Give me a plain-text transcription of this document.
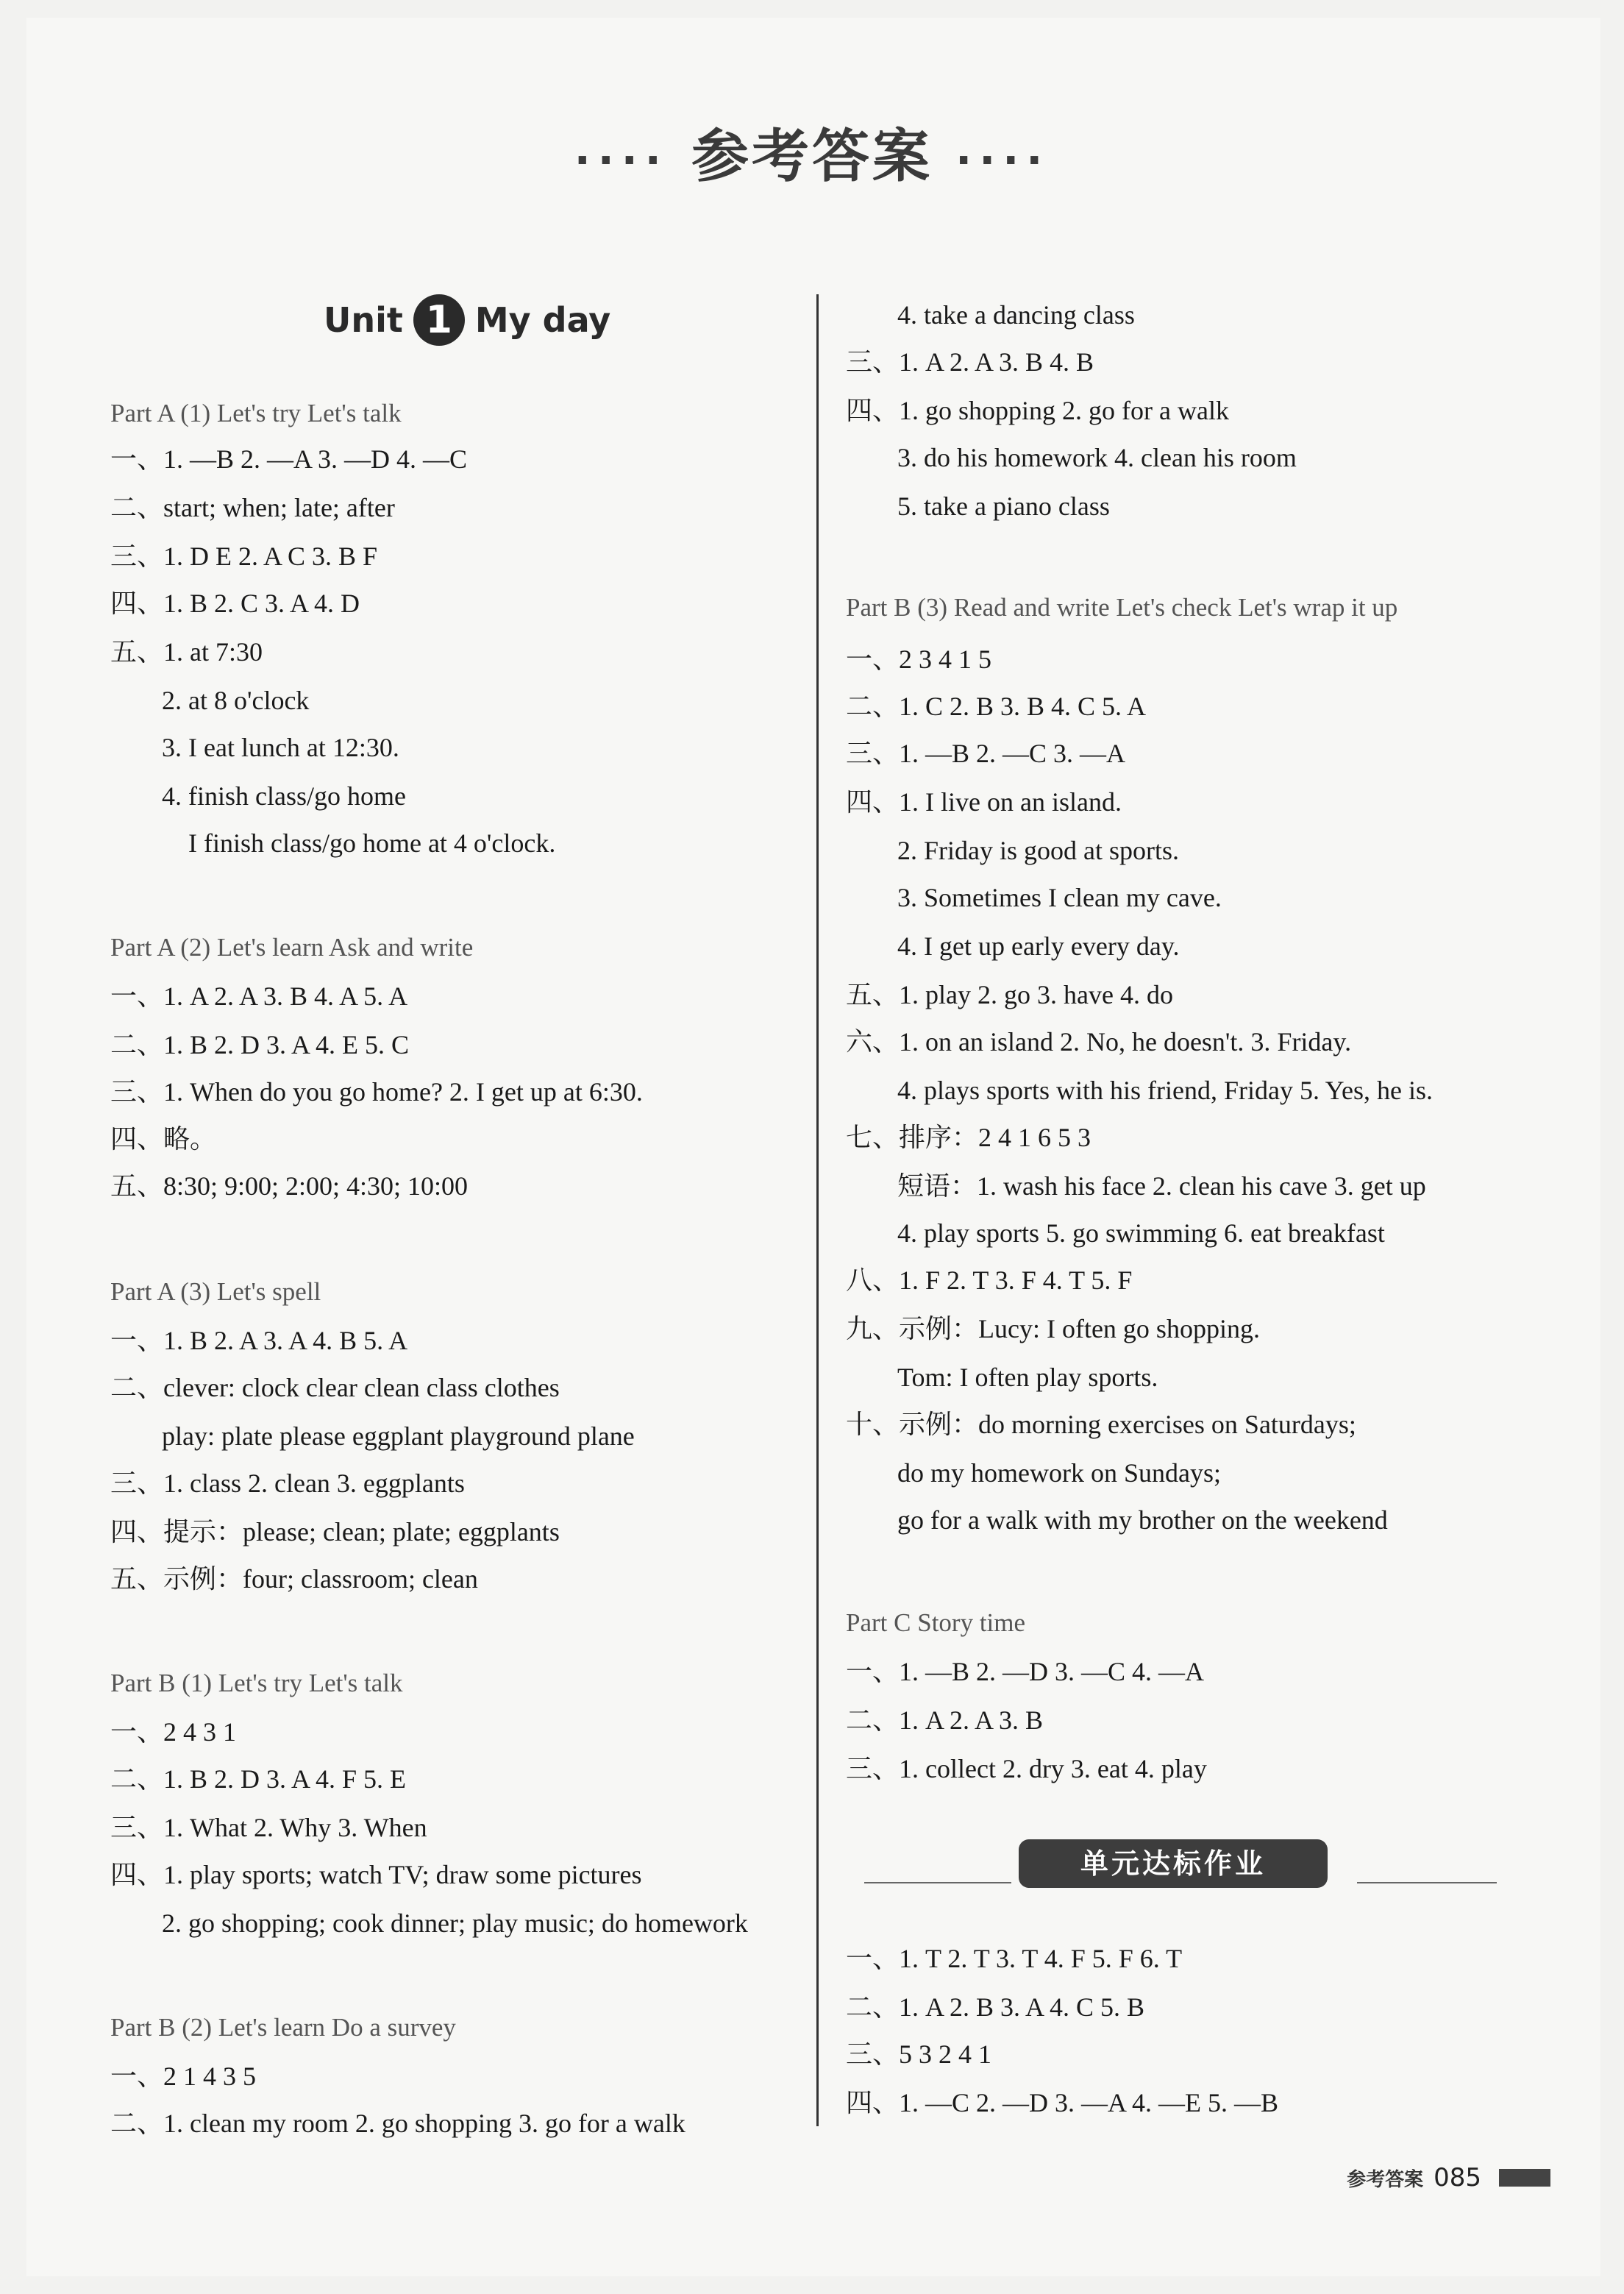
···· 参考答案 ····
Unit 1 My day
Part A (1) Let's try Let's talk
一、1. —B 2. —A 3. —D 4. —C
二、start; when; late; after
三、1. D E 2. A C 3. B F
四、1. B 2. C 3. A 4. D
五、1. at 7:30
2. at 8 o'clock
3. I eat lunch at 12:30.
4. finish class/go home
I finish class/go home at 4 o'clock.
Part A (2) Let's learn Ask and write
一、1. A 2. A 3. B 4. A 5. A
二、1. B 2. D 3. A 4. E 5. C
三、1. When do you go home? 2. I get up at 6:30.
四、略。
五、8:30; 9:00; 2:00; 4:30; 10:00
Part A (3) Let's spell
一、1. B 2. A 3. A 4. B 5. A
二、clever: clock clear clean class clothes
play: plate please eggplant playground plane
三、1. class 2. clean 3. eggplants
四、提示：please; clean; plate; eggplants
五、示例：four; classroom; clean
Part B (1) Let's try Let's talk
一、2 4 3 1
二、1. B 2. D 3. A 4. F 5. E
三、1. What 2. Why 3. When
四、1. play sports; watch TV; draw some pictures
2. go shopping; cook dinner; play music; do homework
Part B (2) Let's learn Do a survey
一、2 1 4 3 5
二、1. clean my room 2. go shopping 3. go for a walk
4. take a dancing class
三、1. A 2. A 3. B 4. B
四、1. go shopping 2. go for a walk
3. do his homework 4. clean his room
5. take a piano class
Part B (3) Read and write Let's check Let's wrap it up
一、2 3 4 1 5
二、1. C 2. B 3. B 4. C 5. A
三、1. —B 2. —C 3. —A
四、1. I live on an island.
2. Friday is good at sports.
3. Sometimes I clean my cave.
4. I get up early every day.
五、1. play 2. go 3. have 4. do
六、1. on an island 2. No, he doesn't. 3. Friday.
4. plays sports with his friend, Friday 5. Yes, he is.
七、排序：2 4 1 6 5 3
短语：1. wash his face 2. clean his cave 3. get up
4. play sports 5. go swimming 6. eat breakfast
八、1. F 2. T 3. F 4. T 5. F
九、示例：Lucy: I often go shopping.
Tom: I often play sports.
十、示例：do morning exercises on Saturdays;
do my homework on Sundays;
go for a walk with my brother on the weekend
Part C Story time
一、1. —B 2. —D 3. —C 4. —A
二、1. A 2. A 3. B
三、1. collect 2. dry 3. eat 4. play
一、1. T 2. T 3. T 4. F 5. F 6. T
二、1. A 2. B 3. A 4. C 5. B
三、5 3 2 4 1
四、1. —C 2. —D 3. —A 4. —E 5. —B
单元达标作业
参考答案 085
